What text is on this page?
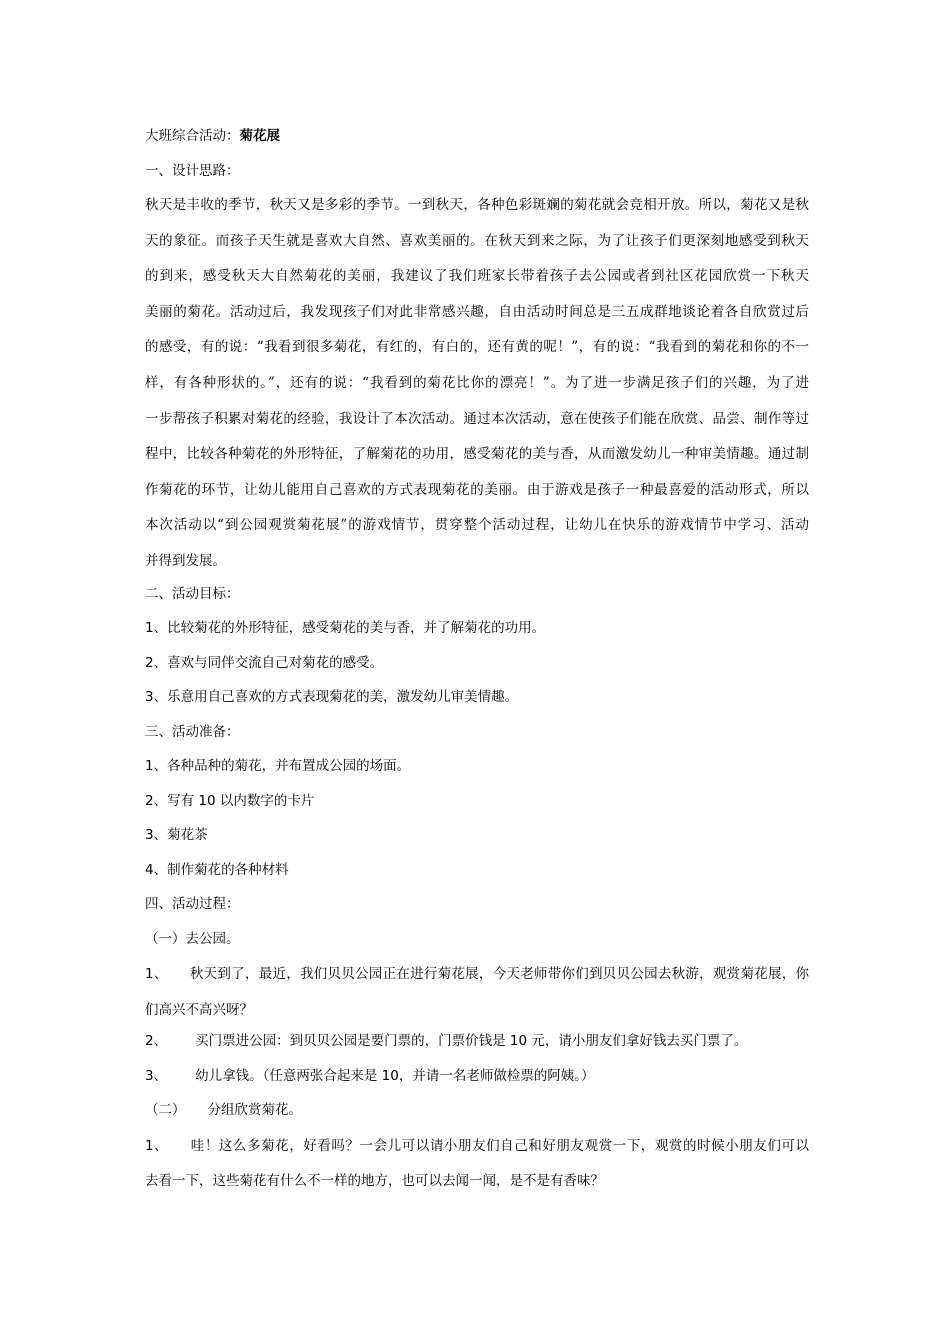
大班综合活动：菊花展
一、设计思路：
秋天是丰收的季节，秋天又是多彩的季节。一到秋天，各种色彩斑斓的菊花就会竞相开放。所以，菊花又是秋
天的象征。而孩子天生就是喜欢大自然、喜欢美丽的。在秋天到来之际，为了让孩子们更深刻地感受到秋天
的到来，感受秋天大自然菊花的美丽，我建议了我们班家长带着孩子去公园或者到社区花园欣赏一下秋天
美丽的菊花。活动过后，我发现孩子们对此非常感兴趣，自由活动时间总是三五成群地谈论着各自欣赏过后
的感受，有的说：“我看到很多菊花，有红的，有白的，还有黄的呢！”，有的说：“我看到的菊花和你的不一
样，有各种形状的。”，还有的说：“我看到的菊花比你的漂亮！”。为了进一步满足孩子们的兴趣，为了进
一步帮孩子积累对菊花的经验，我设计了本次活动。通过本次活动，意在使孩子们能在欣赏、品尝、制作等过
程中，比较各种菊花的外形特征，了解菊花的功用，感受菊花的美与香，从而激发幼儿一种审美情趣。通过制
作菊花的环节，让幼儿能用自己喜欢的方式表现菊花的美丽。由于游戏是孩子一种最喜爱的活动形式，所以
本次活动以“到公园观赏菊花展”的游戏情节，贯穿整个活动过程，让幼儿在快乐的游戏情节中学习、活动
并得到发展。
二、活动目标：
1、比较菊花的外形特征，感受菊花的美与香，并了解菊花的功用。
2、喜欢与同伴交流自己对菊花的感受。
3、乐意用自己喜欢的方式表现菊花的美，激发幼儿审美情趣。
三、活动准备：
1、各种品种的菊花，并布置成公园的场面。
2、写有 10 以内数字的卡片
3、菊花茶
4、制作菊花的各种材料
四、活动过程：
（一）去公园。
1、 秋天到了，最近，我们贝贝公园正在进行菊花展，今天老师带你们到贝贝公园去秋游，观赏菊花展，你
们高兴不高兴呀？
2、 买门票进公园：到贝贝公园是要门票的，门票价钱是 10 元，请小朋友们拿好钱去买门票了。
3、 幼儿拿钱。（任意两张合起来是 10，并请一名老师做检票的阿姨。）
（二） 分组欣赏菊花。
1、 哇！这么多菊花，好看吗？一会儿可以请小朋友们自己和好朋友观赏一下，观赏的时候小朋友们可以
去看一下，这些菊花有什么不一样的地方，也可以去闻一闻，是不是有香味？
